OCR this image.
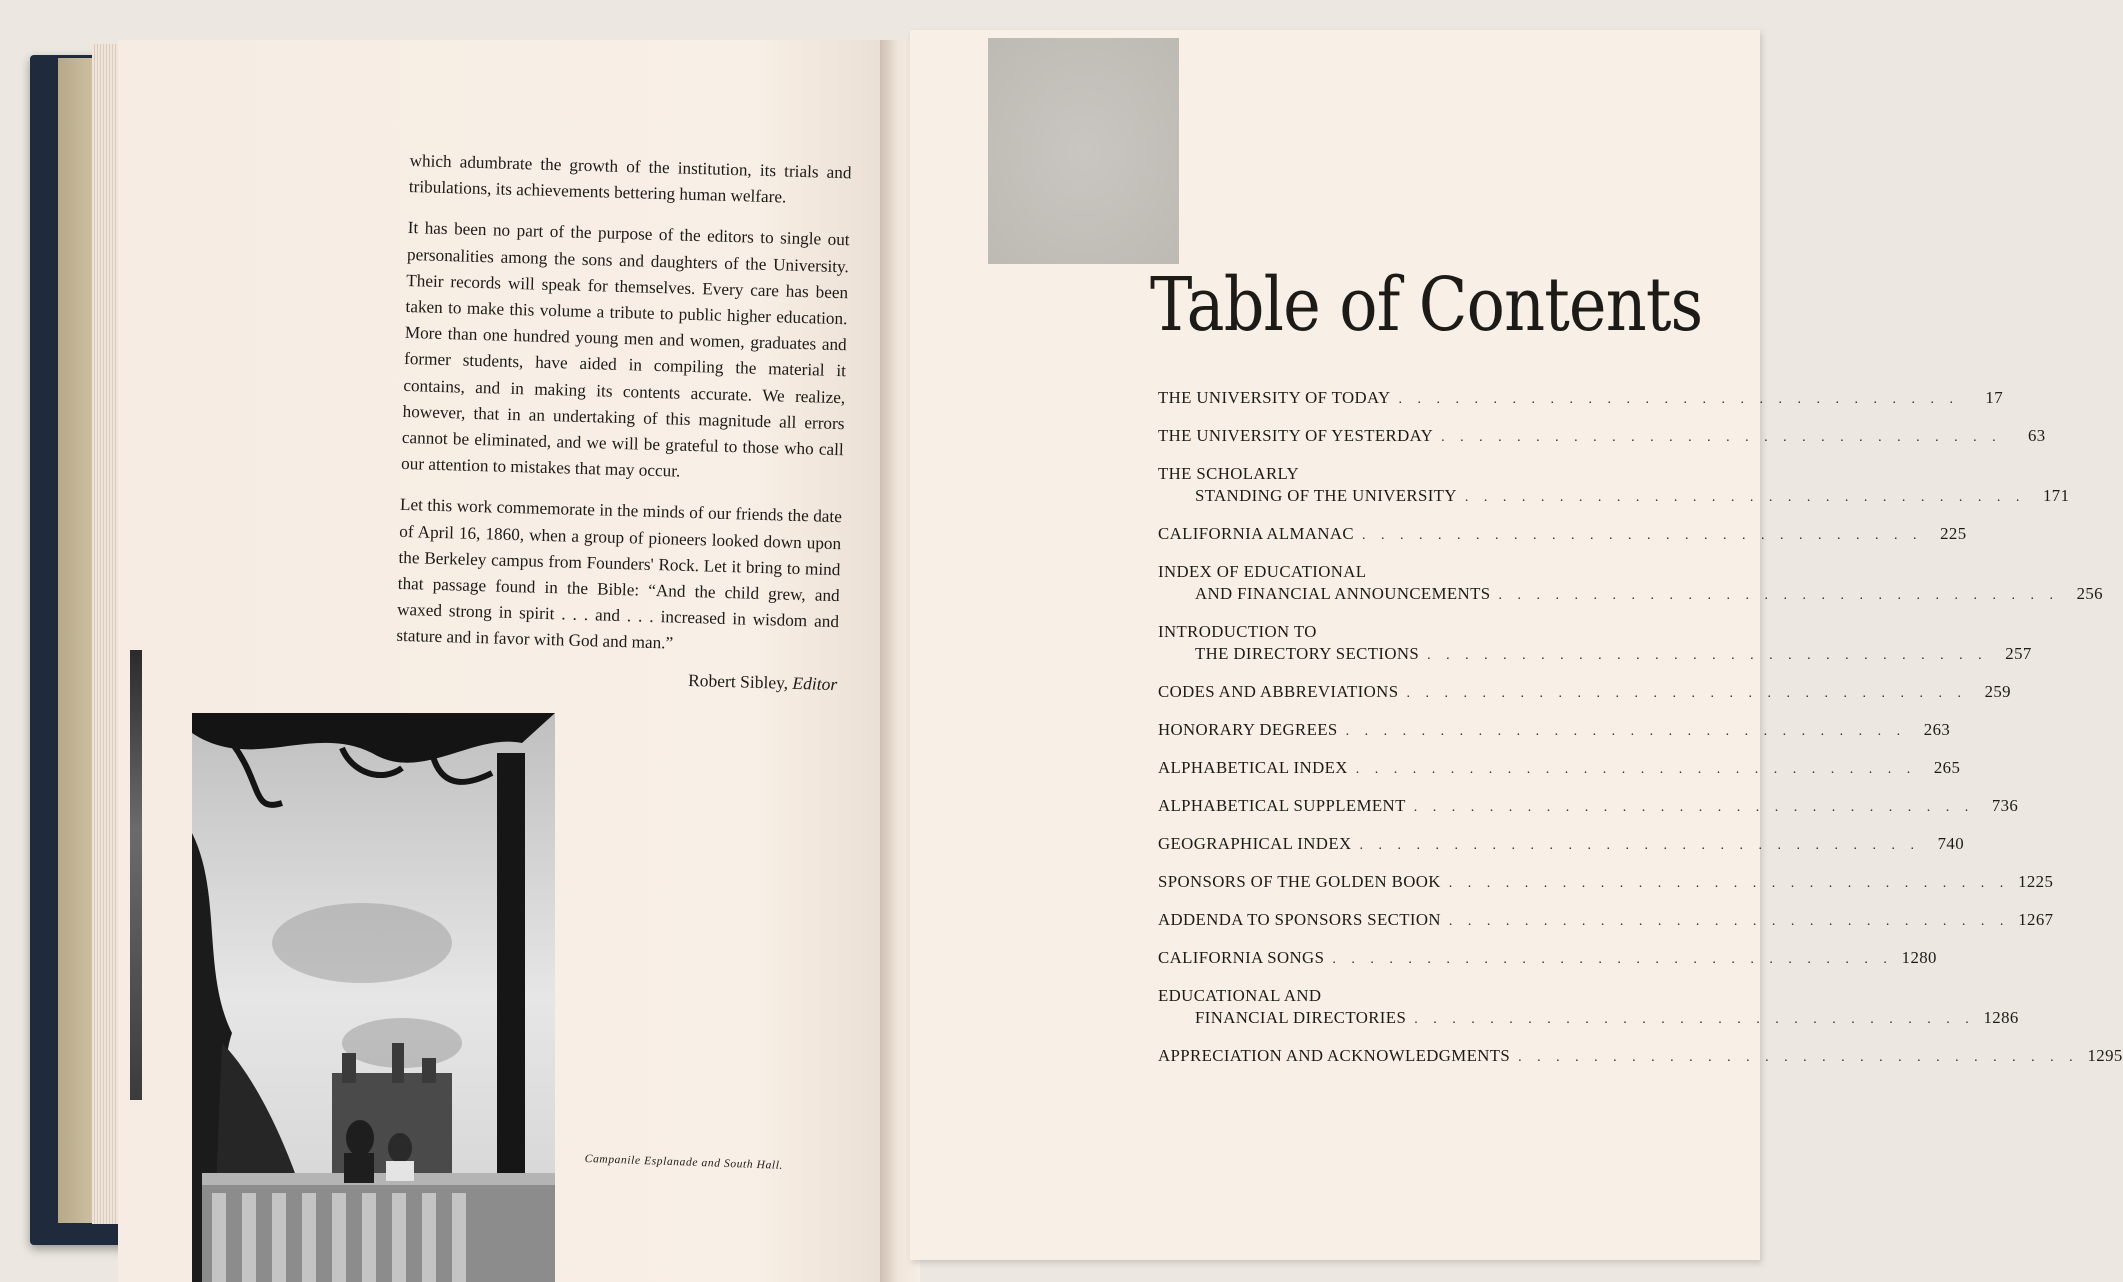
which adumbrate the growth of the institution, its trials and tribulations, its achievements bettering human welfare.

It has been no part of the purpose of the editors to single out personalities among the sons and daughters of the University. Their records will speak for themselves. Every care has been taken to make this volume a tribute to public higher education. More than one hundred young men and women, graduates and former students, have aided in compiling the material it contains, and in making its contents accurate. We realize, however, that in an undertaking of this magnitude all errors cannot be eliminated, and we will be grateful to those who call our attention to mistakes that may occur.

Let this work commemorate in the minds of our friends the date of April 16, 1860, when a group of pioneers looked down upon the Berkeley campus from Founders' Rock. Let it bring to mind that passage found in the Bible: “And the child grew, and waxed strong in spirit . . . and . . . increased in wisdom and stature and in favor with God and man.”

Robert Sibley, Editor
Campanile Esplanade and South Hall.
Table of Contents
THE UNIVERSITY OF TODAY . . . . . . . . . . . . . . . . . . . . . . . . . . . . . .	17
THE UNIVERSITY OF YESTERDAY . . . . . . . . . . . . . . . . . . . . . . . . . . . . . .	63
THE SCHOLARLY
STANDING OF THE UNIVERSITY . . . . . . . . . . . . . . . . . . . . . . . . . . . . . .	171
CALIFORNIA ALMANAC . . . . . . . . . . . . . . . . . . . . . . . . . . . . . .	225
INDEX OF EDUCATIONAL
AND FINANCIAL ANNOUNCEMENTS . . . . . . . . . . . . . . . . . . . . . . . . . . . . . .	256
INTRODUCTION TO
THE DIRECTORY SECTIONS . . . . . . . . . . . . . . . . . . . . . . . . . . . . . .	257
CODES AND ABBREVIATIONS . . . . . . . . . . . . . . . . . . . . . . . . . . . . . .	259
HONORARY DEGREES . . . . . . . . . . . . . . . . . . . . . . . . . . . . . .	263
ALPHABETICAL INDEX . . . . . . . . . . . . . . . . . . . . . . . . . . . . . .	265
ALPHABETICAL SUPPLEMENT . . . . . . . . . . . . . . . . . . . . . . . . . . . . . .	736
GEOGRAPHICAL INDEX . . . . . . . . . . . . . . . . . . . . . . . . . . . . . .	740
SPONSORS OF THE GOLDEN BOOK . . . . . . . . . . . . . . . . . . . . . . . . . . . . . . 1225
ADDENDA TO SPONSORS SECTION . . . . . . . . . . . . . . . . . . . . . . . . . . . . . . 1267
CALIFORNIA SONGS . . . . . . . . . . . . . . . . . . . . . . . . . . . . . . 1280
EDUCATIONAL AND
FINANCIAL DIRECTORIES . . . . . . . . . . . . . . . . . . . . . . . . . . . . . . 1286
APPRECIATION AND ACKNOWLEDGMENTS . . . . . . . . . . . . . . . . . . . . . . . . . . . . . . 1295
